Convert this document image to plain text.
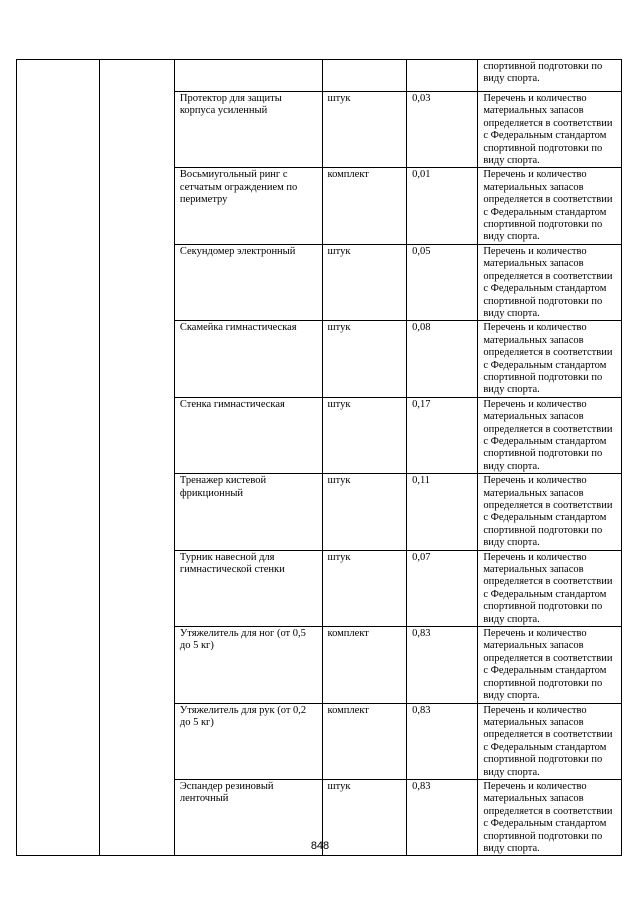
					спортивной подготовки по виду спорта.
		Протектор для защиты корпуса усиленный	штук	0,03	Перечень и количество материальных запасов определяется в соответствии с Федеральным стандартом спортивной подготовки по виду спорта.
		Восьмиугольный ринг с сетчатым ограждением по периметру	комплект	0,01	Перечень и количество материальных запасов определяется в соответствии с Федеральным стандартом спортивной подготовки по виду спорта.
		Секундомер электронный	штук	0,05	Перечень и количество материальных запасов определяется в соответствии с Федеральным стандартом спортивной подготовки по виду спорта.
		Скамейка гимнастическая	штук	0,08	Перечень и количество материальных запасов определяется в соответствии с Федеральным стандартом спортивной подготовки по виду спорта.
		Стенка гимнастическая	штук	0,17	Перечень и количество материальных запасов определяется в соответствии с Федеральным стандартом спортивной подготовки по виду спорта.
		Тренажер кистевой фрикционный	штук	0,11	Перечень и количество материальных запасов определяется в соответствии с Федеральным стандартом спортивной подготовки по виду спорта.
		Турник навесной для гимнастической стенки	штук	0,07	Перечень и количество материальных запасов определяется в соответствии с Федеральным стандартом спортивной подготовки по виду спорта.
		Утяжелитель для ног (от 0,5 до 5 кг)	комплект	0,83	Перечень и количество материальных запасов определяется в соответствии с Федеральным стандартом спортивной подготовки по виду спорта.
		Утяжелитель для рук (от 0,2 до 5 кг)	комплект	0,83	Перечень и количество материальных запасов определяется в соответствии с Федеральным стандартом спортивной подготовки по виду спорта.
		Эспандер резиновый ленточный	штук	0,83	Перечень и количество материальных запасов определяется в соответствии с Федеральным стандартом спортивной подготовки по виду спорта.
848
